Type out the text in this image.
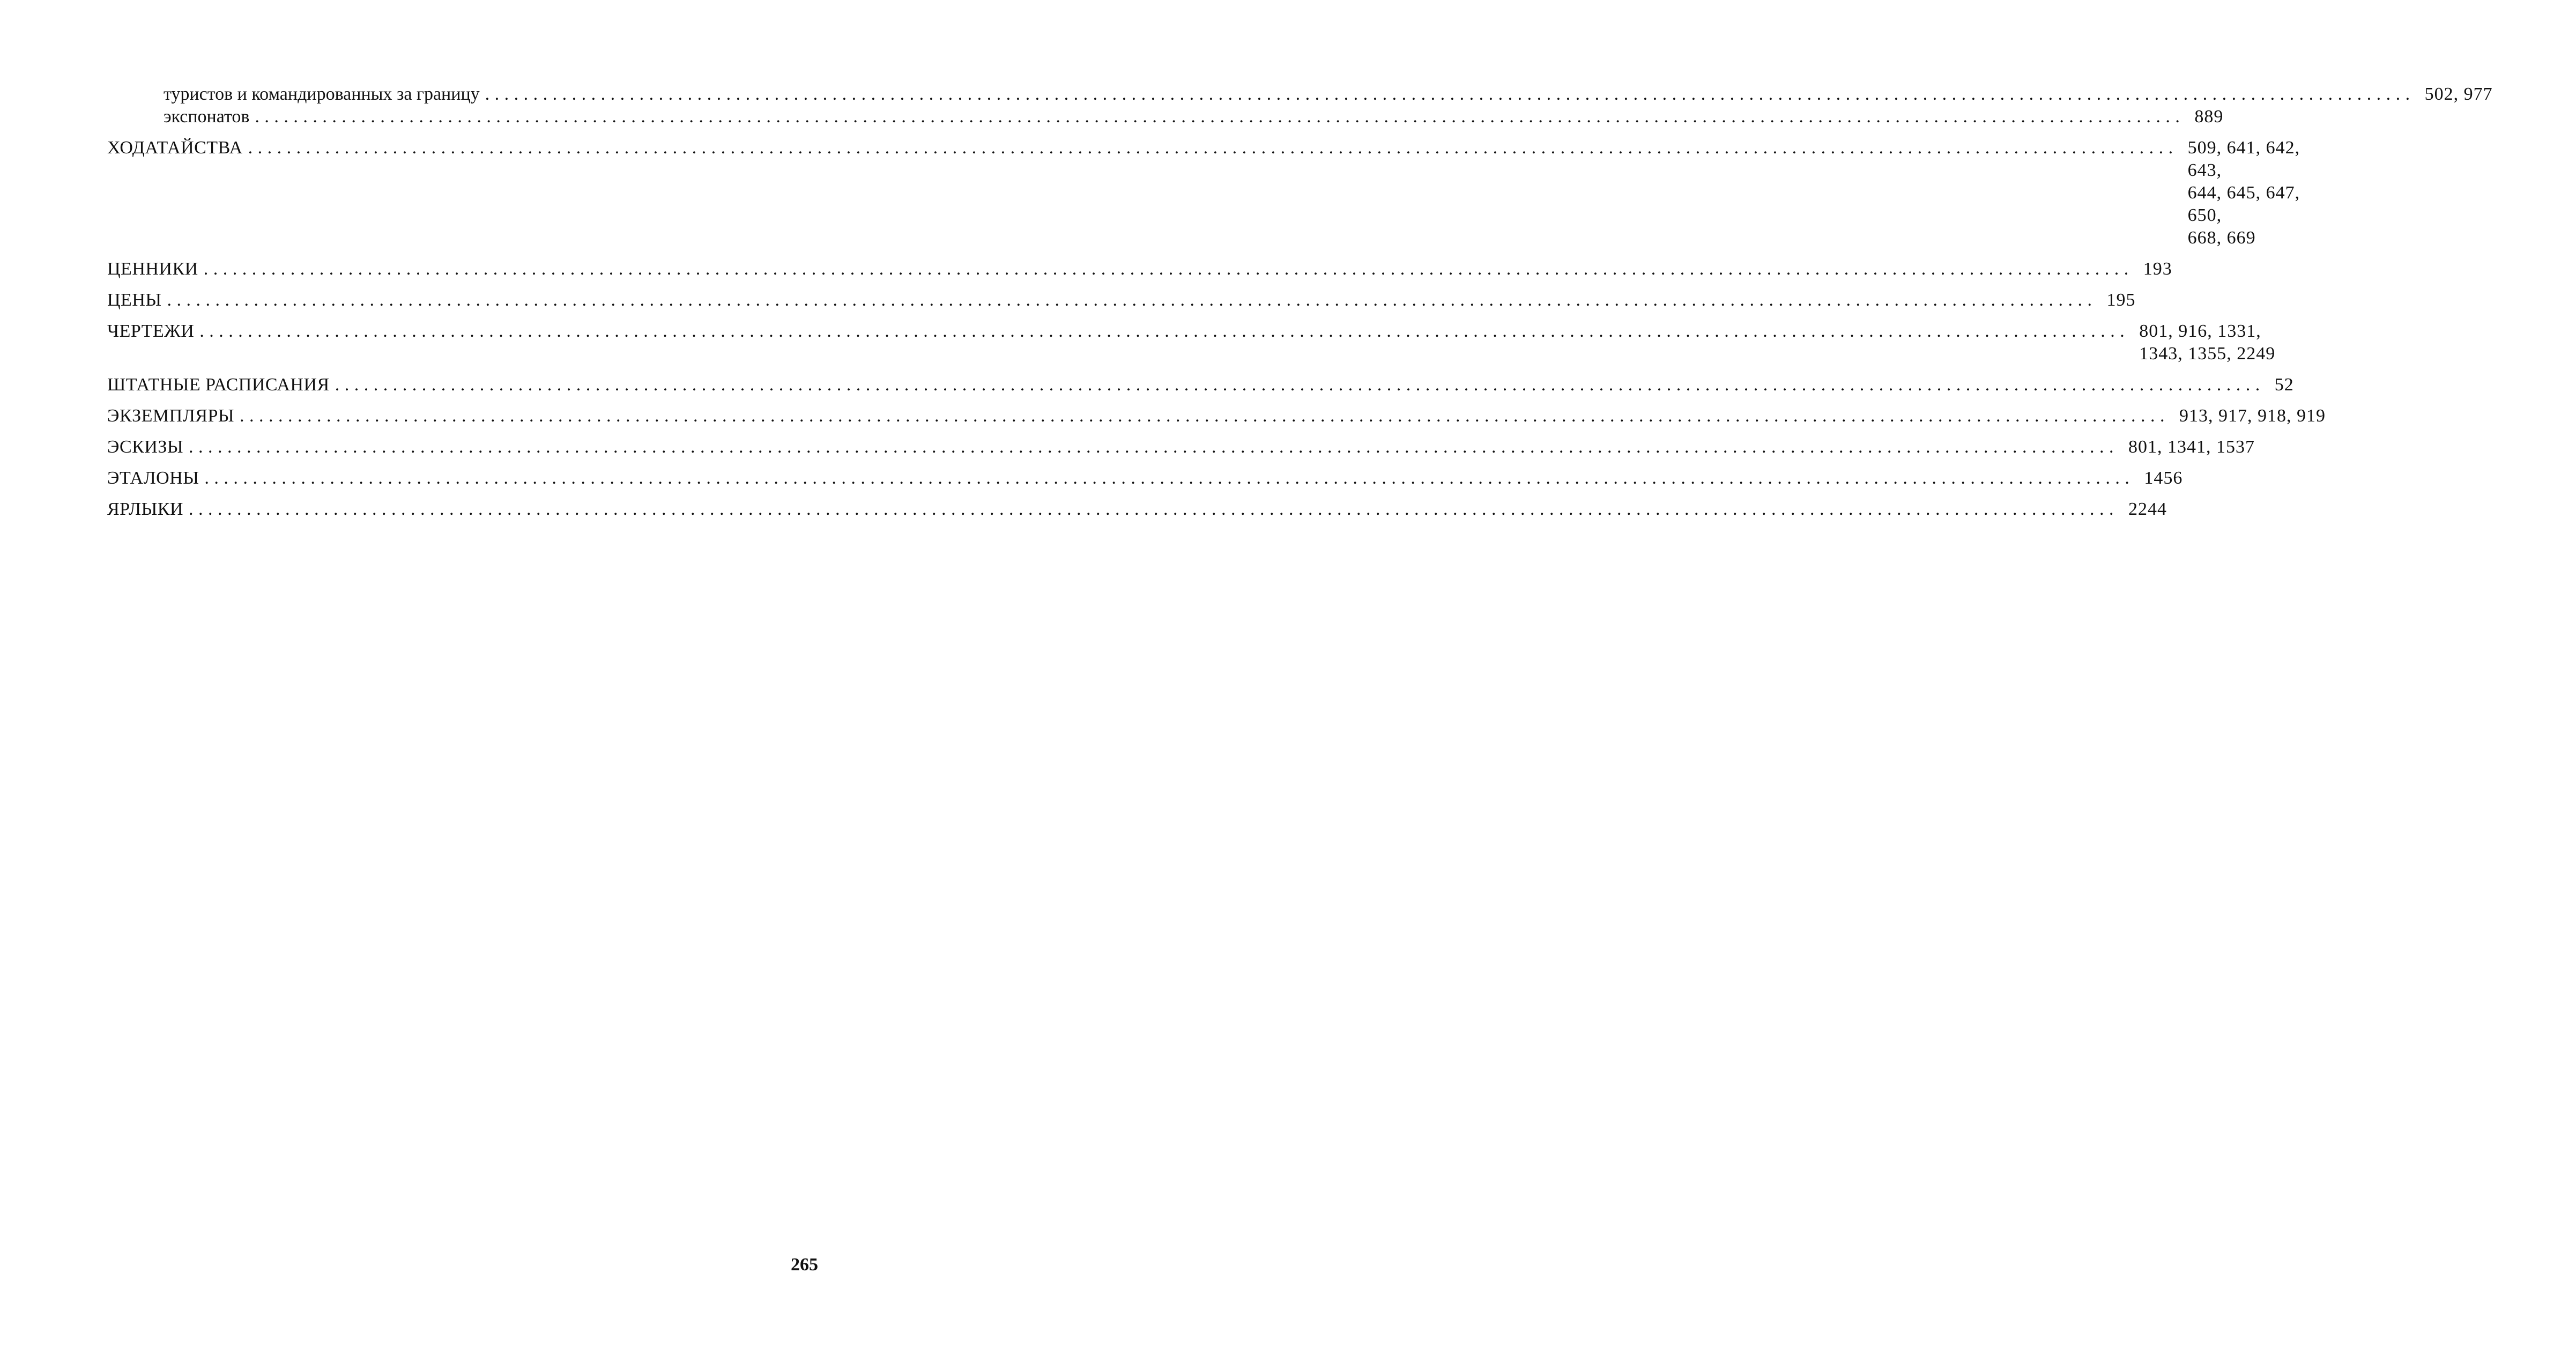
туристов и командированных за границу ........................................................................................................................................................................................................ 502, 977
экспонатов ........................................................................................................................................................................................................ 889
ХОДАТАЙСТВА ........................................................................................................................................................................................................ 509, 641, 642, 643,
644, 645, 647, 650,
668, 669
ЦЕННИКИ ........................................................................................................................................................................................................ 193
ЦЕНЫ ........................................................................................................................................................................................................ 195
ЧЕРТЕЖИ ........................................................................................................................................................................................................ 801, 916, 1331,
1343, 1355, 2249
ШТАТНЫЕ РАСПИСАНИЯ ........................................................................................................................................................................................................ 52
ЭКЗЕМПЛЯРЫ ........................................................................................................................................................................................................ 913, 917, 918, 919
ЭСКИЗЫ ........................................................................................................................................................................................................ 801, 1341, 1537
ЭТАЛОНЫ ........................................................................................................................................................................................................ 1456
ЯРЛЫКИ ........................................................................................................................................................................................................ 2244
265
